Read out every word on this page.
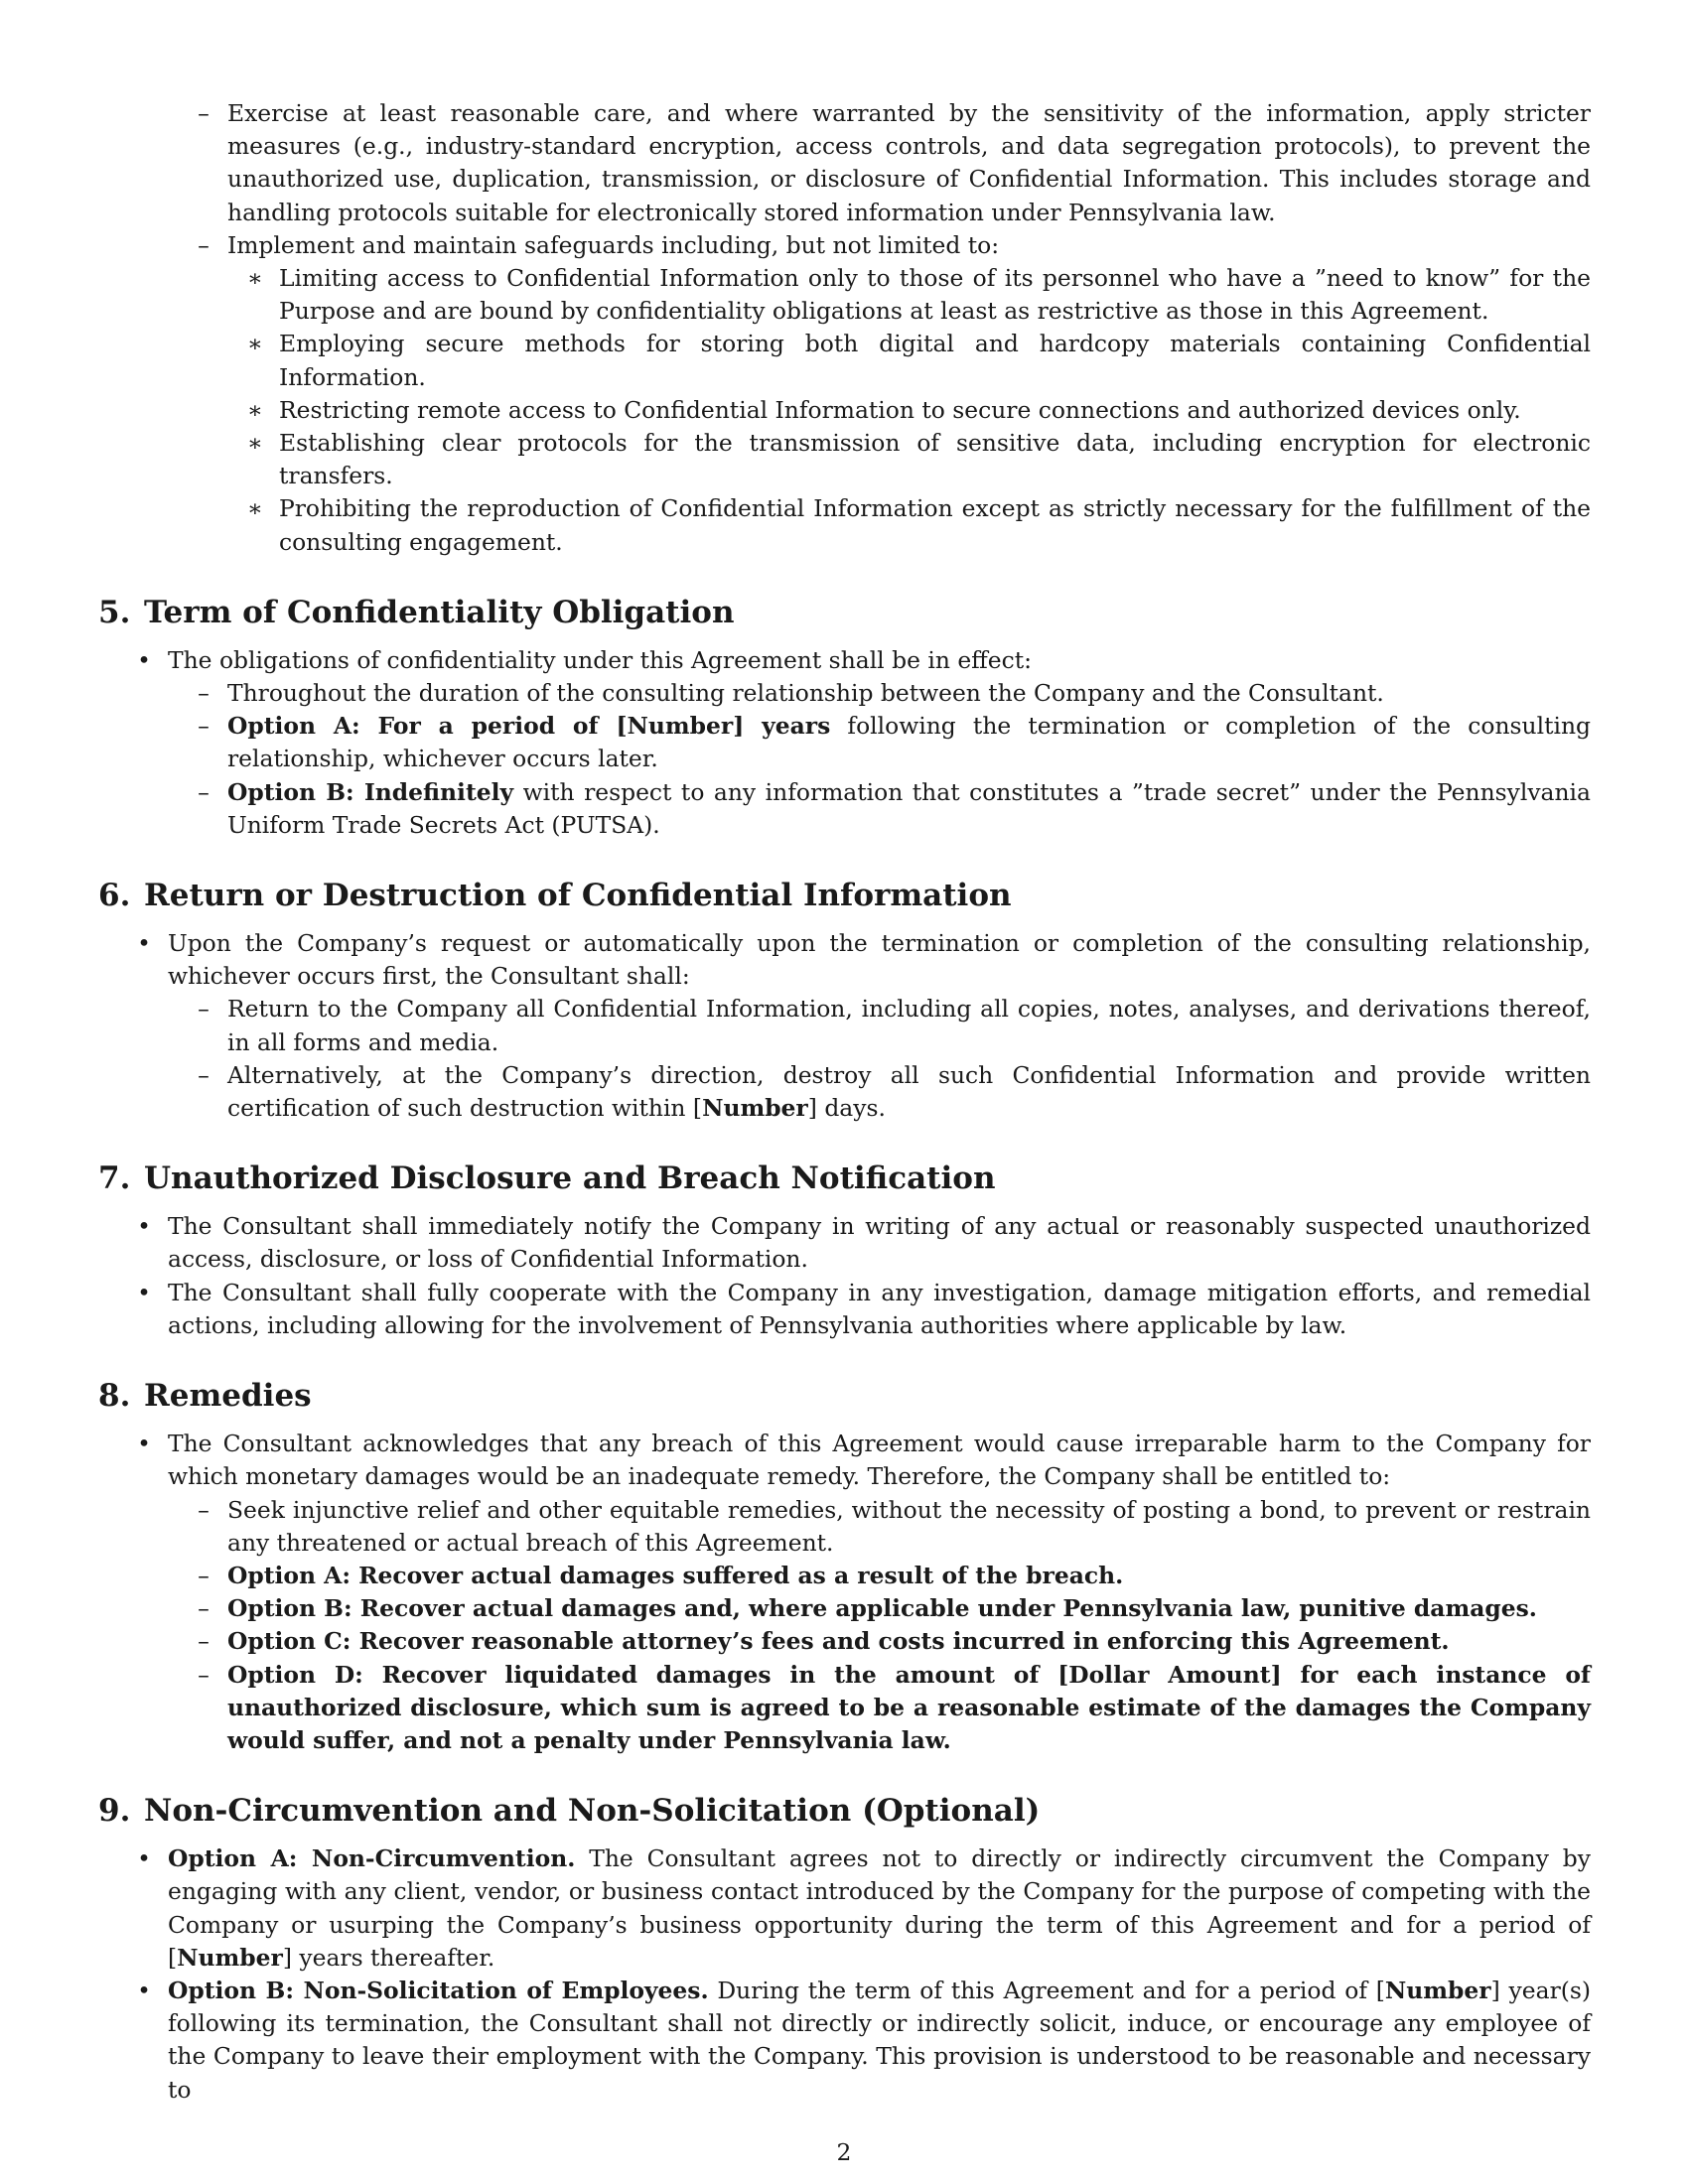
– Exercise at least reasonable care, and where warranted by the sensitivity of the information, apply stricter measures (e.g., industry-standard encryption, access controls, and data segregation protocols), to prevent the unauthorized use, duplication, transmission, or disclosure of Confidential Information. This includes storage and handling protocols suitable for electronically stored information under Pennsylvania law.
– Implement and maintain safeguards including, but not limited to:
∗ Limiting access to Confidential Information only to those of its personnel who have a ”need to know” for the Purpose and are bound by confidentiality obligations at least as restrictive as those in this Agreement.
∗ Employing secure methods for storing both digital and hardcopy materials containing Confidential Information.
∗ Restricting remote access to Confidential Information to secure connections and authorized devices only.
∗ Establishing clear protocols for the transmission of sensitive data, including encryption for electronic transfers.
∗ Prohibiting the reproduction of Confidential Information except as strictly necessary for the fulfillment of the consulting engagement.
5. Term of Confidentiality Obligation
• The obligations of confidentiality under this Agreement shall be in effect:
– Throughout the duration of the consulting relationship between the Company and the Consultant.
– Option A: For a period of [Number] years following the termination or completion of the consulting relationship, whichever occurs later.
– Option B: Indefinitely with respect to any information that constitutes a ”trade secret” under the Pennsylvania Uniform Trade Secrets Act (PUTSA).
6. Return or Destruction of Confidential Information
• Upon the Company’s request or automatically upon the termination or completion of the consulting relationship, whichever occurs first, the Consultant shall:
– Return to the Company all Confidential Information, including all copies, notes, analyses, and derivations thereof, in all forms and media.
– Alternatively, at the Company’s direction, destroy all such Confidential Information and provide written certification of such destruction within [Number] days.
7. Unauthorized Disclosure and Breach Notification
• The Consultant shall immediately notify the Company in writing of any actual or reasonably suspected unauthorized access, disclosure, or loss of Confidential Information.
• The Consultant shall fully cooperate with the Company in any investigation, damage mitigation efforts, and remedial actions, including allowing for the involvement of Pennsylvania authorities where applicable by law.
8. Remedies
• The Consultant acknowledges that any breach of this Agreement would cause irreparable harm to the Company for which monetary damages would be an inadequate remedy. Therefore, the Company shall be entitled to:
– Seek injunctive relief and other equitable remedies, without the necessity of posting a bond, to prevent or restrain any threatened or actual breach of this Agreement.
– Option A: Recover actual damages suffered as a result of the breach.
– Option B: Recover actual damages and, where applicable under Pennsylvania law, punitive damages.
– Option C: Recover reasonable attorney’s fees and costs incurred in enforcing this Agreement.
– Option D: Recover liquidated damages in the amount of [Dollar Amount] for each instance of unauthorized disclosure, which sum is agreed to be a reasonable estimate of the damages the Company would suffer, and not a penalty under Pennsylvania law.
9. Non-Circumvention and Non-Solicitation (Optional)
• Option A: Non-Circumvention. The Consultant agrees not to directly or indirectly circumvent the Company by engaging with any client, vendor, or business contact introduced by the Company for the purpose of competing with the Company or usurping the Company’s business opportunity during the term of this Agreement and for a period of [Number] years thereafter.
• Option B: Non-Solicitation of Employees. During the term of this Agreement and for a period of [Number] year(s) following its termination, the Consultant shall not directly or indirectly solicit, induce, or encourage any employee of the Company to leave their employment with the Company. This provision is understood to be reasonable and necessary to
2
